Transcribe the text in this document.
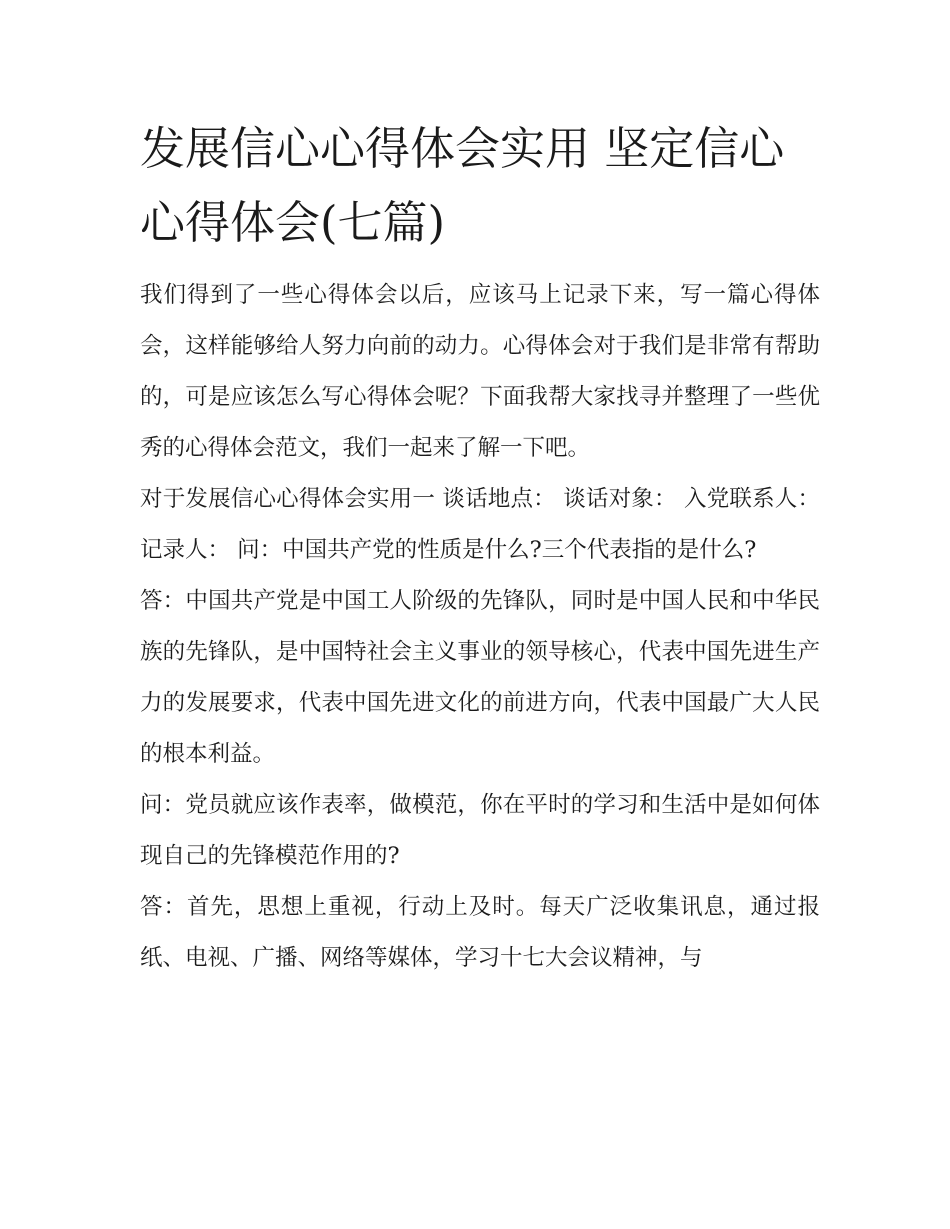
发展信心心得体会实用 坚定信心心得体会(七篇)

我们得到了一些心得体会以后，应该马上记录下来，写一篇心得体会，这样能够给人努力向前的动力。心得体会对于我们是非常有帮助的，可是应该怎么写心得体会呢？下面我帮大家找寻并整理了一些优秀的心得体会范文，我们一起来了解一下吧。

对于发展信心心得体会实用一 谈话地点： 谈话对象： 入党联系人： 记录人： 问：中国共产党的性质是什么?三个代表指的是什么?

答：中国共产党是中国工人阶级的先锋队，同时是中国人民和中华民族的先锋队，是中国特社会主义事业的领导核心，代表中国先进生产力的发展要求，代表中国先进文化的前进方向，代表中国最广大人民的根本利益。

问：党员就应该作表率，做模范，你在平时的学习和生活中是如何体现自己的先锋模范作用的?

答：首先，思想上重视，行动上及时。每天广泛收集讯息，通过报纸、电视、广播、网络等媒体，学习十七大会议精神，与
